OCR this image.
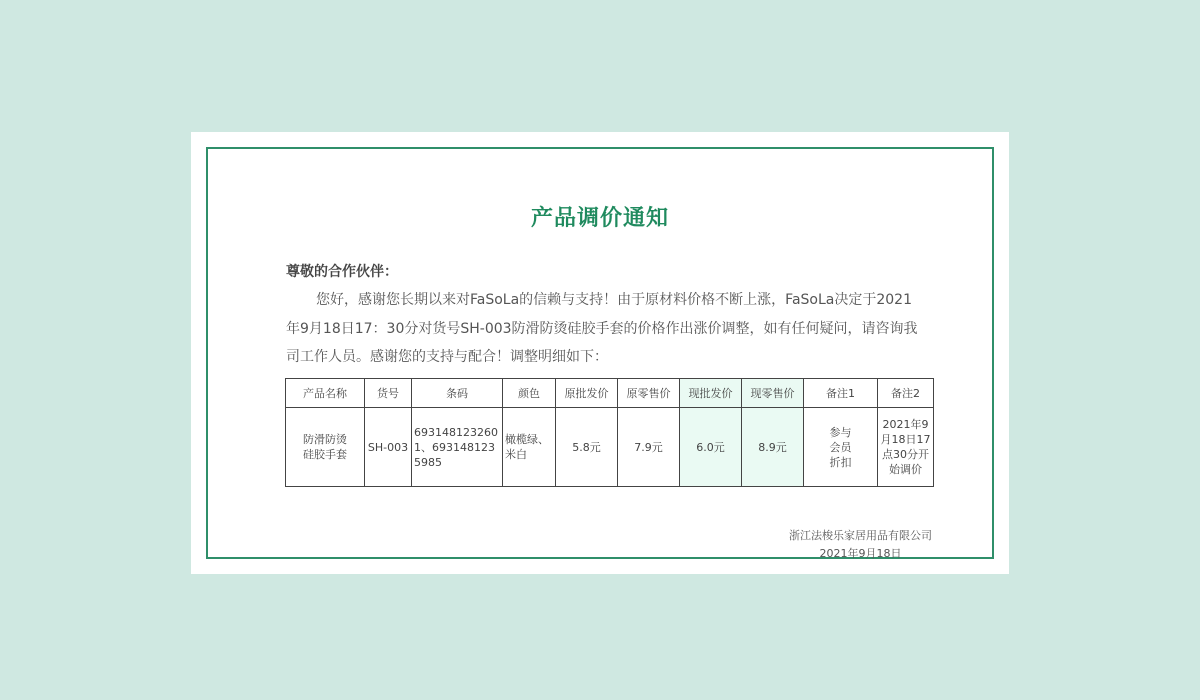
产品调价通知
尊敬的合作伙伴：
您好，感谢您长期以来对FaSoLa的信赖与支持！由于原材料价格不断上涨，FaSoLa决定于2021年9月18日17：30分对货号SH-003防滑防烫硅胶手套的价格作出涨价调整，如有任何疑问，请咨询我司工作人员。感谢您的支持与配合！调整明细如下：
产品名称	货号	条码	颜色	原批发价	原零售价	现批发价	现零售价	备注1	备注2

防滑防烫硅胶手套	SH-003	6931481232601、6931481235985	橄榄绿、米白	5.8元	7.9元	6.0元	8.9元	参与会员折扣	2021年9月18日17点30分开始调价
浙江法梭乐家居用品有限公司
2021年9月18日
